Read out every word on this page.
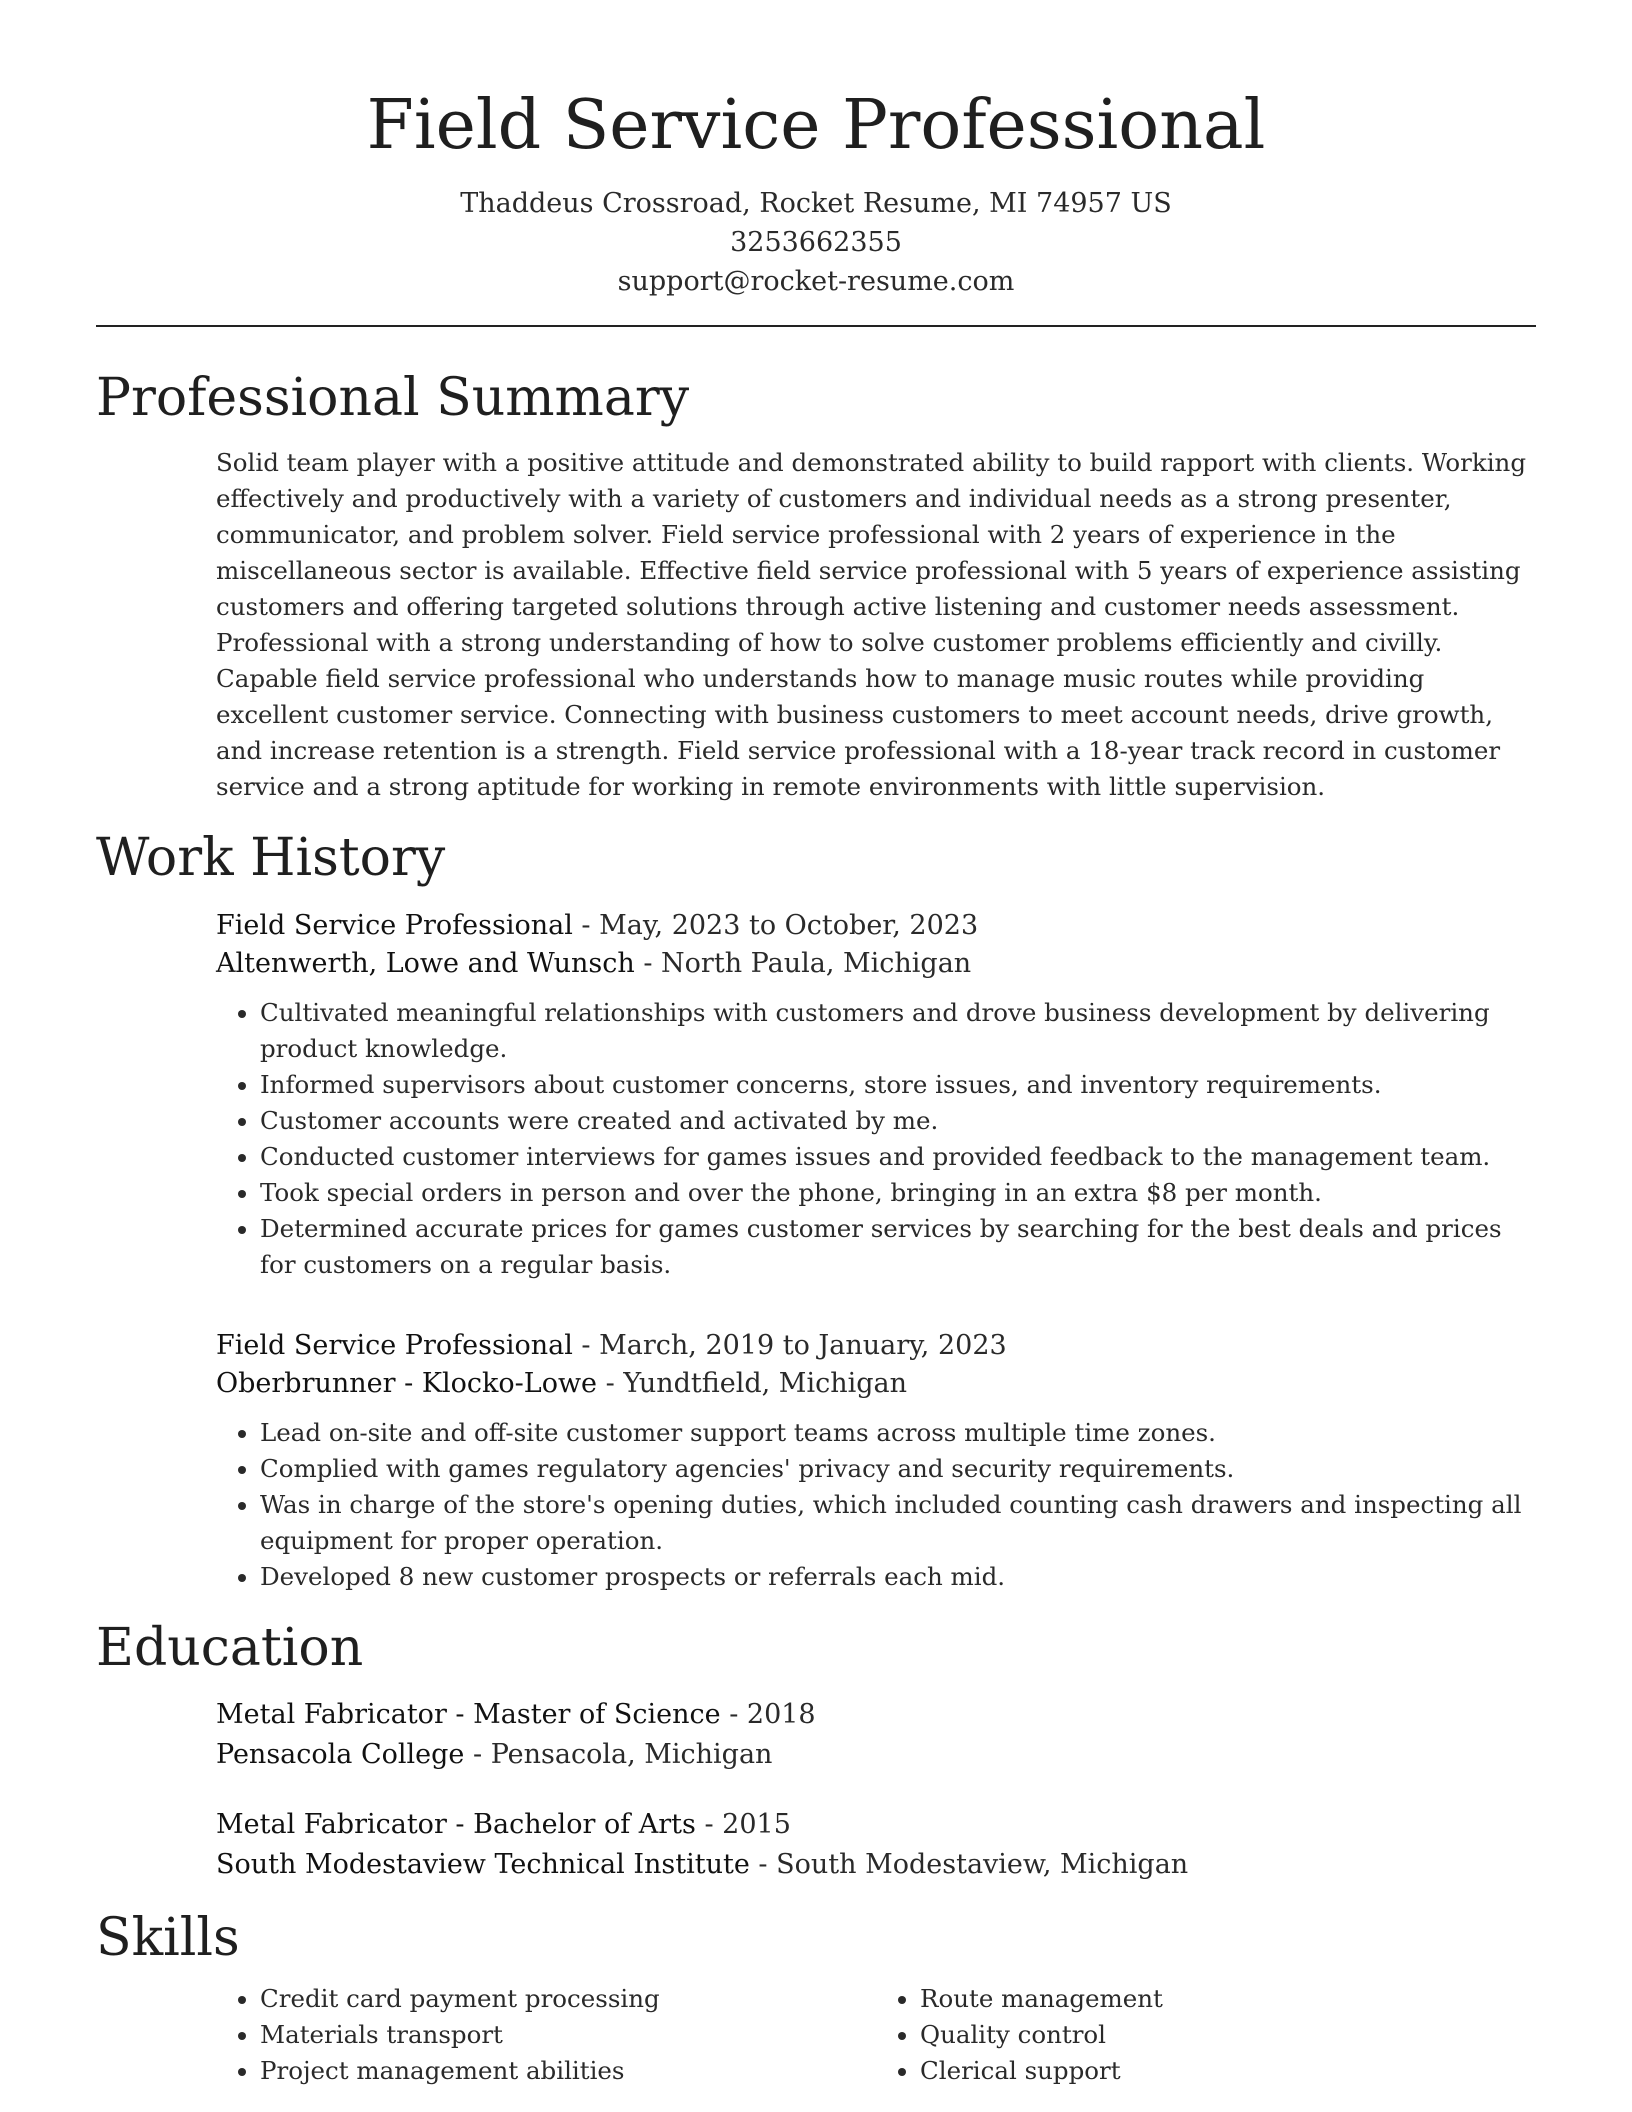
Field Service Professional
Thaddeus Crossroad, Rocket Resume, MI 74957 US
3253662355
support@rocket-resume.com
Professional Summary
Solid team player with a positive attitude and demonstrated ability to build rapport with clients. Working effectively and productively with a variety of customers and individual needs as a strong presenter, communicator, and problem solver. Field service professional with 2 years of experience in the miscellaneous sector is available. Effective field service professional with 5 years of experience assisting customers and offering targeted solutions through active listening and customer needs assessment. Professional with a strong understanding of how to solve customer problems efficiently and civilly. Capable field service professional who understands how to manage music routes while providing excellent customer service. Connecting with business customers to meet account needs, drive growth, and increase retention is a strength. Field service professional with a 18-year track record in customer service and a strong aptitude for working in remote environments with little supervision.
Work History
Field Service Professional - May, 2023 to October, 2023
Altenwerth, Lowe and Wunsch - North Paula, Michigan
• Cultivated meaningful relationships with customers and drove business development by delivering product knowledge.
• Informed supervisors about customer concerns, store issues, and inventory requirements.
• Customer accounts were created and activated by me.
• Conducted customer interviews for games issues and provided feedback to the management team.
• Took special orders in person and over the phone, bringing in an extra $8 per month.
• Determined accurate prices for games customer services by searching for the best deals and prices for customers on a regular basis.
Field Service Professional - March, 2019 to January, 2023
Oberbrunner - Klocko-Lowe - Yundtfield, Michigan
• Lead on-site and off-site customer support teams across multiple time zones.
• Complied with games regulatory agencies' privacy and security requirements.
• Was in charge of the store's opening duties, which included counting cash drawers and inspecting all equipment for proper operation.
• Developed 8 new customer prospects or referrals each mid.
Education
Metal Fabricator - Master of Science - 2018
Pensacola College - Pensacola, Michigan
Metal Fabricator - Bachelor of Arts - 2015
South Modestaview Technical Institute - South Modestaview, Michigan
Skills
• Credit card payment processing
• Materials transport
• Project management abilities
• Route management
• Quality control
• Clerical support
